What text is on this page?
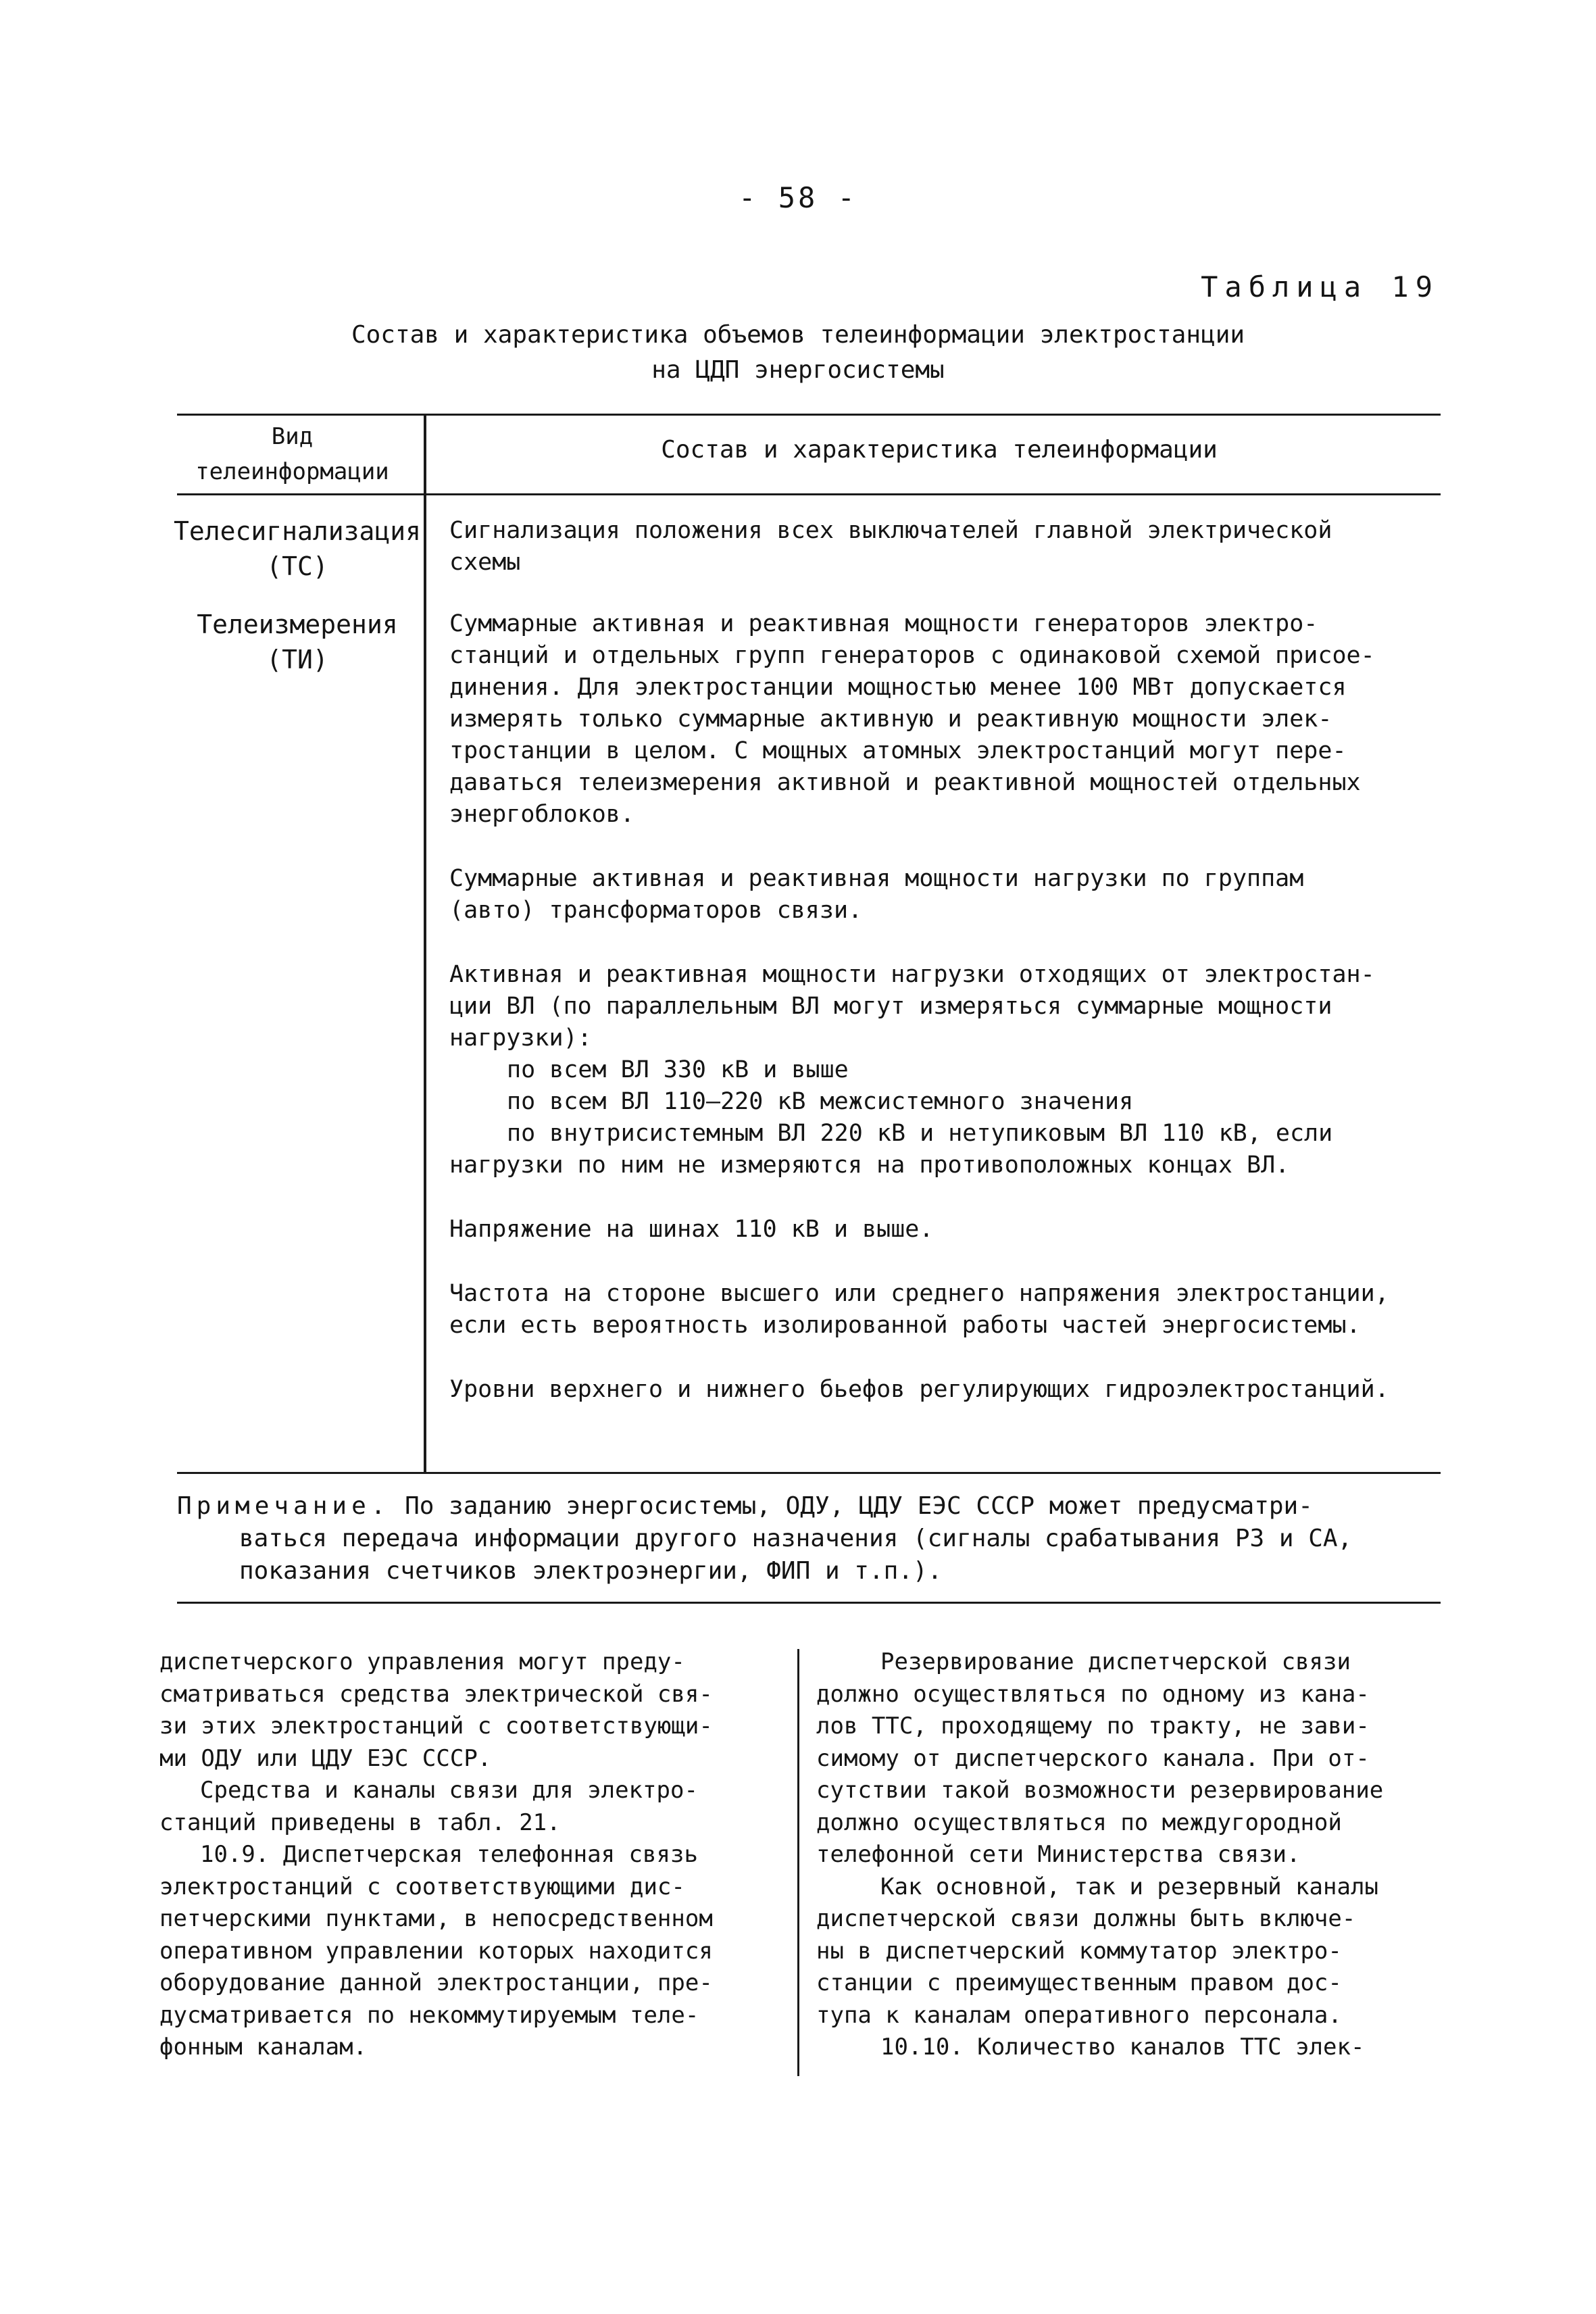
- 58 -
Таблица 19
Состав и характеристика объемов телеинформации электростанции
на ЦДП энергосистемы
Вид
телеинформации
Состав и характеристика телеинформации
Телесигнализация
(ТС)

Сигнализация положения всех выключателей главной электрической

схемы

Телеизмерения
(ТИ)

Суммарные активная и реактивная мощности генераторов электро-

станций и отдельных групп генераторов с одинаковой схемой присое-

динения. Для электростанции мощностью менее 100 МВт допускается

измерять только суммарные активную и реактивную мощности элек-

тростанции в целом. С мощных атомных электростанций могут пере-

даваться телеизмерения активной и реактивной мощностей отдельных

энергоблоков.

Суммарные активная и реактивная мощности нагрузки по группам

(авто) трансформаторов связи.

Активная и реактивная мощности нагрузки отходящих от электростан-

ции ВЛ (по параллельным ВЛ могут измеряться суммарные мощности

нагрузки):

по всем ВЛ 330 кВ и выше

по всем ВЛ 110–220 кВ межсистемного значения

по внутрисистемным ВЛ 220 кВ и нетупиковым ВЛ 110 кВ, если

нагрузки по ним не измеряются на противоположных концах ВЛ.

Напряжение на шинах 110 кВ и выше.

Частота на стороне высшего или среднего напряжения электростанции,

если есть вероятность изолированной работы частей энергосистемы.

Уровни верхнего и нижнего бьефов регулирующих гидроэлектростанций.

Примечание. По заданию энергосистемы, ОДУ, ЦДУ ЕЭС СССР может предусматри-
ваться передача информации другого назначения (сигналы срабатывания РЗ и СА,
показания счетчиков электроэнергии, ФИП и т.п.).

диспетчерского управления могут преду-

сматриваться средства электрической свя-

зи этих электростанций с соответствующи-

ми ОДУ или ЦДУ ЕЭС СССР.

Средства и каналы связи для электро-

станций приведены в табл. 21.

10.9. Диспетчерская телефонная связь

электростанций с соответствующими дис-

петчерскими пунктами, в непосредственном

оперативном управлении которых находится

оборудование данной электростанции, пре-

дусматривается по некоммутируемым теле-

фонным каналам.

Резервирование диспетчерской связи

должно осуществляться по одному из кана-

лов ТТС, проходящему по тракту, не зави-

симому от диспетчерского канала. При от-

сутствии такой возможности резервирование

должно осуществляться по междугородной

телефонной сети Министерства связи.

Как основной, так и резервный каналы

диспетчерской связи должны быть включе-

ны в диспетчерский коммутатор электро-

станции с преимущественным правом дос-

тупа к каналам оперативного персонала.

10.10. Количество каналов ТТС элек-
